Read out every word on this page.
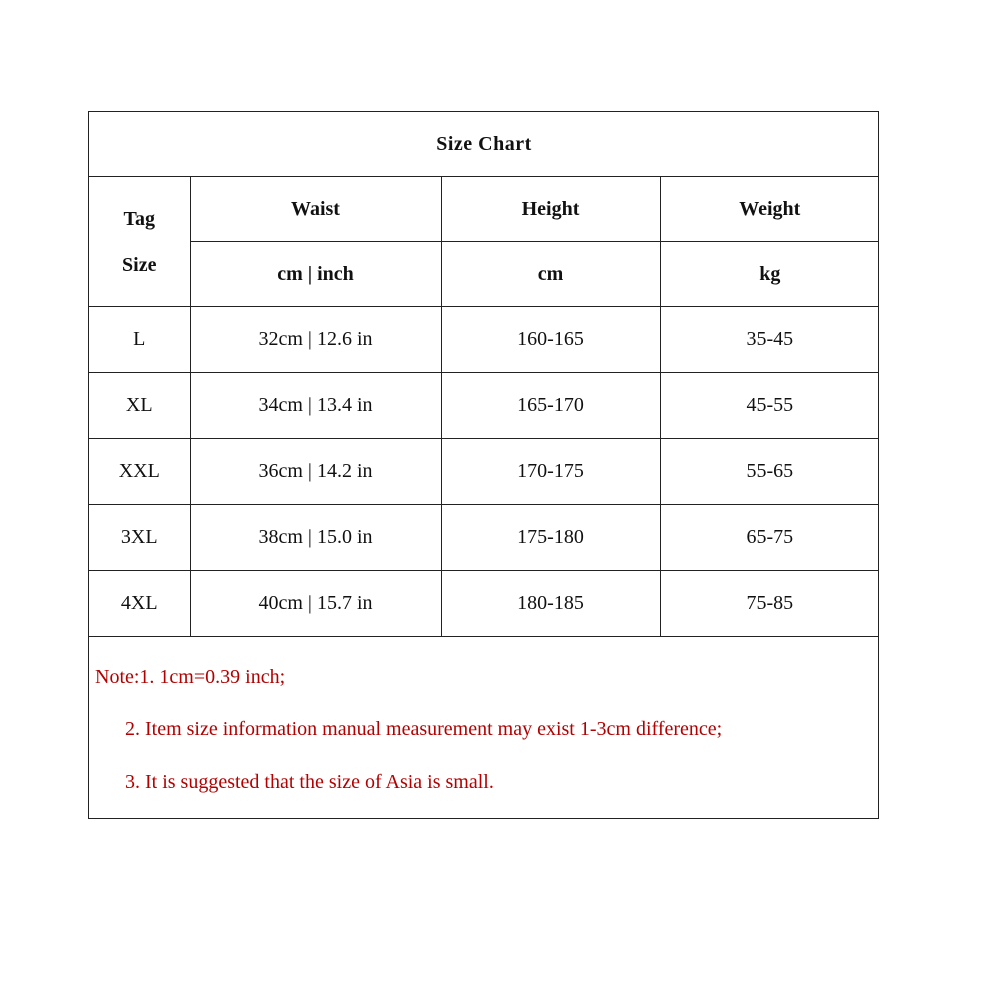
Size Chart			

Tag
Size	Waist	Height	Weight
	cm | inch	cm	kg
L	32cm | 12.6 in	160-165	35-45
XL	34cm | 13.4 in	165-170	45-55
XXL	36cm | 14.2 in	170-175	55-65
3XL	38cm | 15.0 in	175-180	65-75
4XL	40cm | 15.7 in	180-185	75-85
Note:1. 1cm=0.39 inch;
2. Item size information manual measurement may exist 1-3cm difference;
3. It is suggested that the size of Asia is small.
